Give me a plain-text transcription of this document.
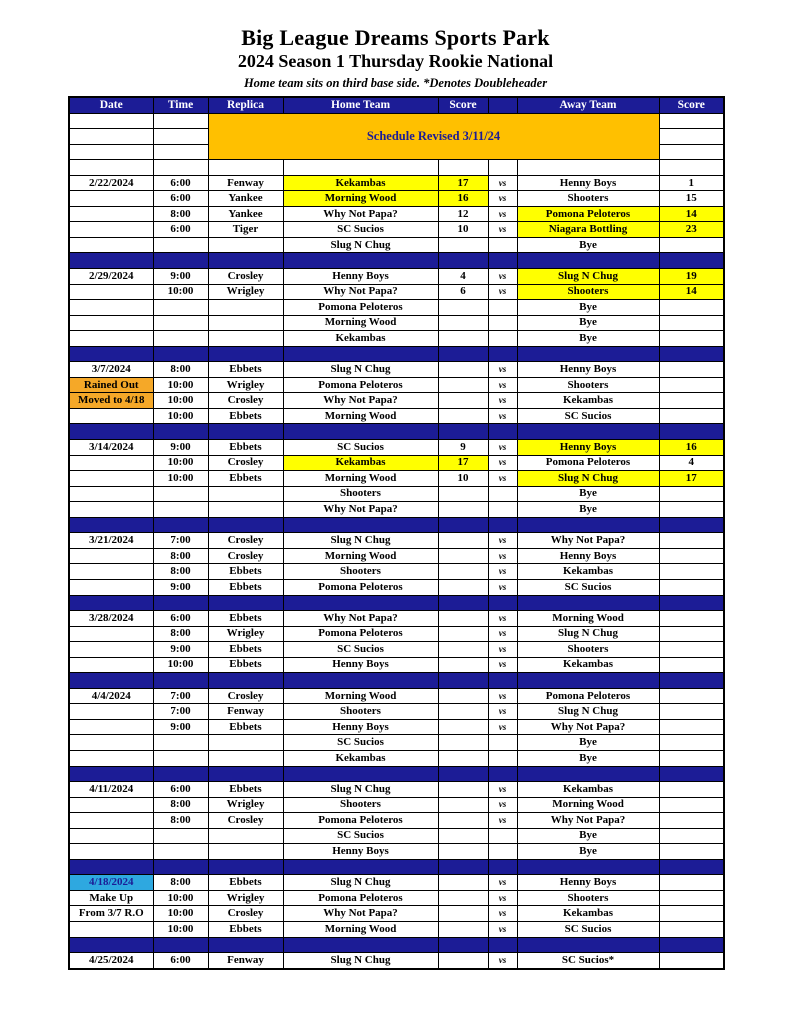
Big League Dreams Sports Park
2024 Season 1 Thursday Rookie National
Home team sits on third base side. *Denotes Doubleheader
Date	Time	Replica	Home Team	Score		Away Team	Score
		Schedule Revised 3/11/24					

2/22/2024	6:00	Fenway	Kekambas	17	vs	Henny Boys	1
	6:00	Yankee	Morning Wood	16	vs	Shooters	15
	8:00	Yankee	Why Not Papa?	12	vs	Pomona Peloteros	14
	6:00	Tiger	SC Sucios	10	vs	Niagara Bottling	23
			Slug N Chug			Bye	

2/29/2024	9:00	Crosley	Henny Boys	4	vs	Slug N Chug	19
	10:00	Wrigley	Why Not Papa?	6	vs	Shooters	14
			Pomona Peloteros			Bye	
			Morning Wood			Bye	
			Kekambas			Bye	

3/7/2024	8:00	Ebbets	Slug N Chug		vs	Henny Boys	
Rained Out	10:00	Wrigley	Pomona Peloteros		vs	Shooters	
Moved to 4/18	10:00	Crosley	Why Not Papa?		vs	Kekambas	
	10:00	Ebbets	Morning Wood		vs	SC Sucios	

3/14/2024	9:00	Ebbets	SC Sucios	9	vs	Henny Boys	16
	10:00	Crosley	Kekambas	17	vs	Pomona Peloteros	4
	10:00	Ebbets	Morning Wood	10	vs	Slug N Chug	17
			Shooters			Bye	
			Why Not Papa?			Bye	

3/21/2024	7:00	Crosley	Slug N Chug		vs	Why Not Papa?	
	8:00	Crosley	Morning Wood		vs	Henny Boys	
	8:00	Ebbets	Shooters		vs	Kekambas	
	9:00	Ebbets	Pomona Peloteros		vs	SC Sucios	

3/28/2024	6:00	Ebbets	Why Not Papa?		vs	Morning Wood	
	8:00	Wrigley	Pomona Peloteros		vs	Slug N Chug	
	9:00	Ebbets	SC Sucios		vs	Shooters	
	10:00	Ebbets	Henny Boys		vs	Kekambas	

4/4/2024	7:00	Crosley	Morning Wood		vs	Pomona Peloteros	
	7:00	Fenway	Shooters		vs	Slug N Chug	
	9:00	Ebbets	Henny Boys		vs	Why Not Papa?	
			SC Sucios			Bye	
			Kekambas			Bye	

4/11/2024	6:00	Ebbets	Slug N Chug		vs	Kekambas	
	8:00	Wrigley	Shooters		vs	Morning Wood	
	8:00	Crosley	Pomona Peloteros		vs	Why Not Papa?	
			SC Sucios			Bye	
			Henny Boys			Bye	

4/18/2024	8:00	Ebbets	Slug N Chug		vs	Henny Boys	
Make Up	10:00	Wrigley	Pomona Peloteros		vs	Shooters	
From 3/7 R.O	10:00	Crosley	Why Not Papa?		vs	Kekambas	
	10:00	Ebbets	Morning Wood		vs	SC Sucios	

4/25/2024	6:00	Fenway	Slug N Chug		vs	SC Sucios*	
